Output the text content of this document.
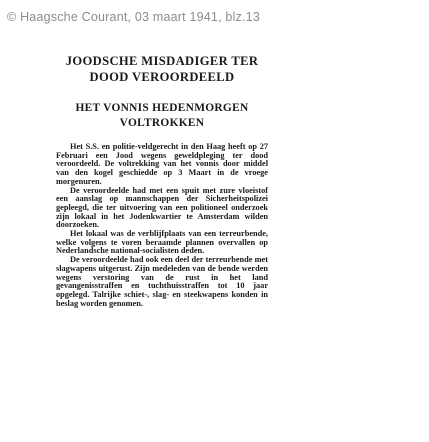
© Haagsche Courant, 03 maart 1941, blz.13
JOODSCHE MISDADIGER TER
DOOD VEROORDEELD
HET VONNIS HEDENMORGEN
VOLTROKKEN

Het S.S. en politie-veldgerecht in den Haag heeft op 27 Februari een Jood wegens geweldpleging ter dood veroordeeld. De voltrekking van het vonnis door middel van den kogel geschiedde op 3 Maart in de vroege morgenuren.

De veroordeelde had met een spuit met zure vloeistof een aanslag op mannschappen der Sicherheitspolizei gepleegd, die ter uitvoering van een politioneel onderzoek zijn lokaal in het Jodenkwartier te Amsterdam wilden doorzoeken.

Het lokaal was de verblijfplaats van een terreurbende, welke volgens te voren beraamde plannen overvallen op Nederlandsche national-socialisten deden.

De veroordeelde had ook een deel der terreurbende met slagwapens uitgerust. Zijn medeleden van de bende werden wegens verstoring van de rust in het land gevangenisstraffen en tuchthuisstraffen tot 10 jaar opgelegd. Talrijke schiet-, slag- en steekwapens konden in beslag worden genomen.
